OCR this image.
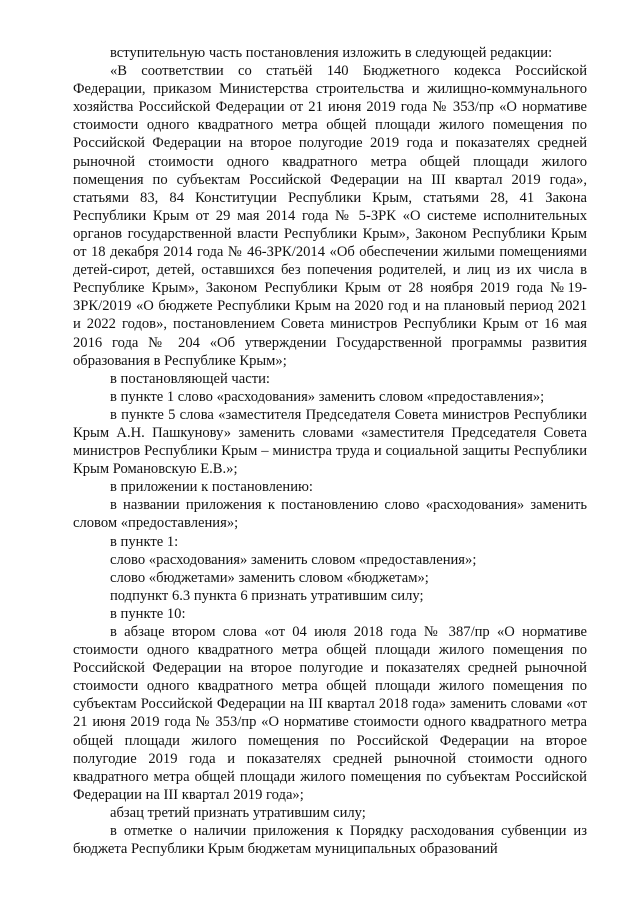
вступительную часть постановления изложить в следующей редакции:

«В соответствии со статьёй 140 Бюджетного кодекса Российской Федерации, приказом Министерства строительства и жилищно-коммунального хозяйства Российской Федерации от 21 июня 2019 года № 353/пр «О нормативе стоимости одного квадратного метра общей площади жилого помещения по Российской Федерации на второе полугодие 2019 года и показателях средней рыночной стоимости одного квадратного метра общей площади жилого помещения по субъектам Российской Федерации на III квартал 2019 года», статьями 83, 84 Конституции Республики Крым, статьями 28, 41 Закона Республики Крым от 29 мая 2014 года № 5-ЗРК «О системе исполнительных органов государственной власти Республики Крым», Законом Республики Крым от 18 декабря 2014 года № 46-ЗРК/2014 «Об обеспечении жилыми помещениями детей-сирот, детей, оставшихся без попечения родителей, и лиц из их числа в Республике Крым», Законом Республики Крым от 28 ноября 2019 года №19-ЗРК/2019 «О бюджете Республики Крым на 2020 год и на плановый период 2021 и 2022 годов», постановлением Совета министров Республики Крым от 16 мая 2016 года № 204 «Об утверждении Государственной программы развития образования в Республике Крым»;

в постановляющей части:

в пункте 1 слово «расходования» заменить словом «предоставления»;

в пункте 5 слова «заместителя Председателя Совета министров Республики Крым А.Н. Пашкунову» заменить словами «заместителя Председателя Совета министров Республики Крым – министра труда и социальной защиты Республики Крым Романовскую Е.В.»;

в приложении к постановлению:

в названии приложения к постановлению слово «расходования» заменить словом «предоставления»;

в пункте 1:

слово «расходования» заменить словом «предоставления»;

слово «бюджетами» заменить словом «бюджетам»;

подпункт 6.3 пункта 6 признать утратившим силу;

в пункте 10:

в абзаце втором слова «от 04 июля 2018 года № 387/пр «О нормативе стоимости одного квадратного метра общей площади жилого помещения по Российской Федерации на второе полугодие и показателях средней рыночной стоимости одного квадратного метра общей площади жилого помещения по субъектам Российской Федерации на III квартал 2018 года» заменить словами «от 21 июня 2019 года № 353/пр «О нормативе стоимости одного квадратного метра общей площади жилого помещения по Российской Федерации на второе полугодие 2019 года и показателях средней рыночной стоимости одного квадратного метра общей площади жилого помещения по субъектам Российской Федерации на III квартал 2019 года»;

абзац третий признать утратившим силу;

в отметке о наличии приложения к Порядку расходования субвенции из бюджета Республики Крым бюджетам муниципальных образований
